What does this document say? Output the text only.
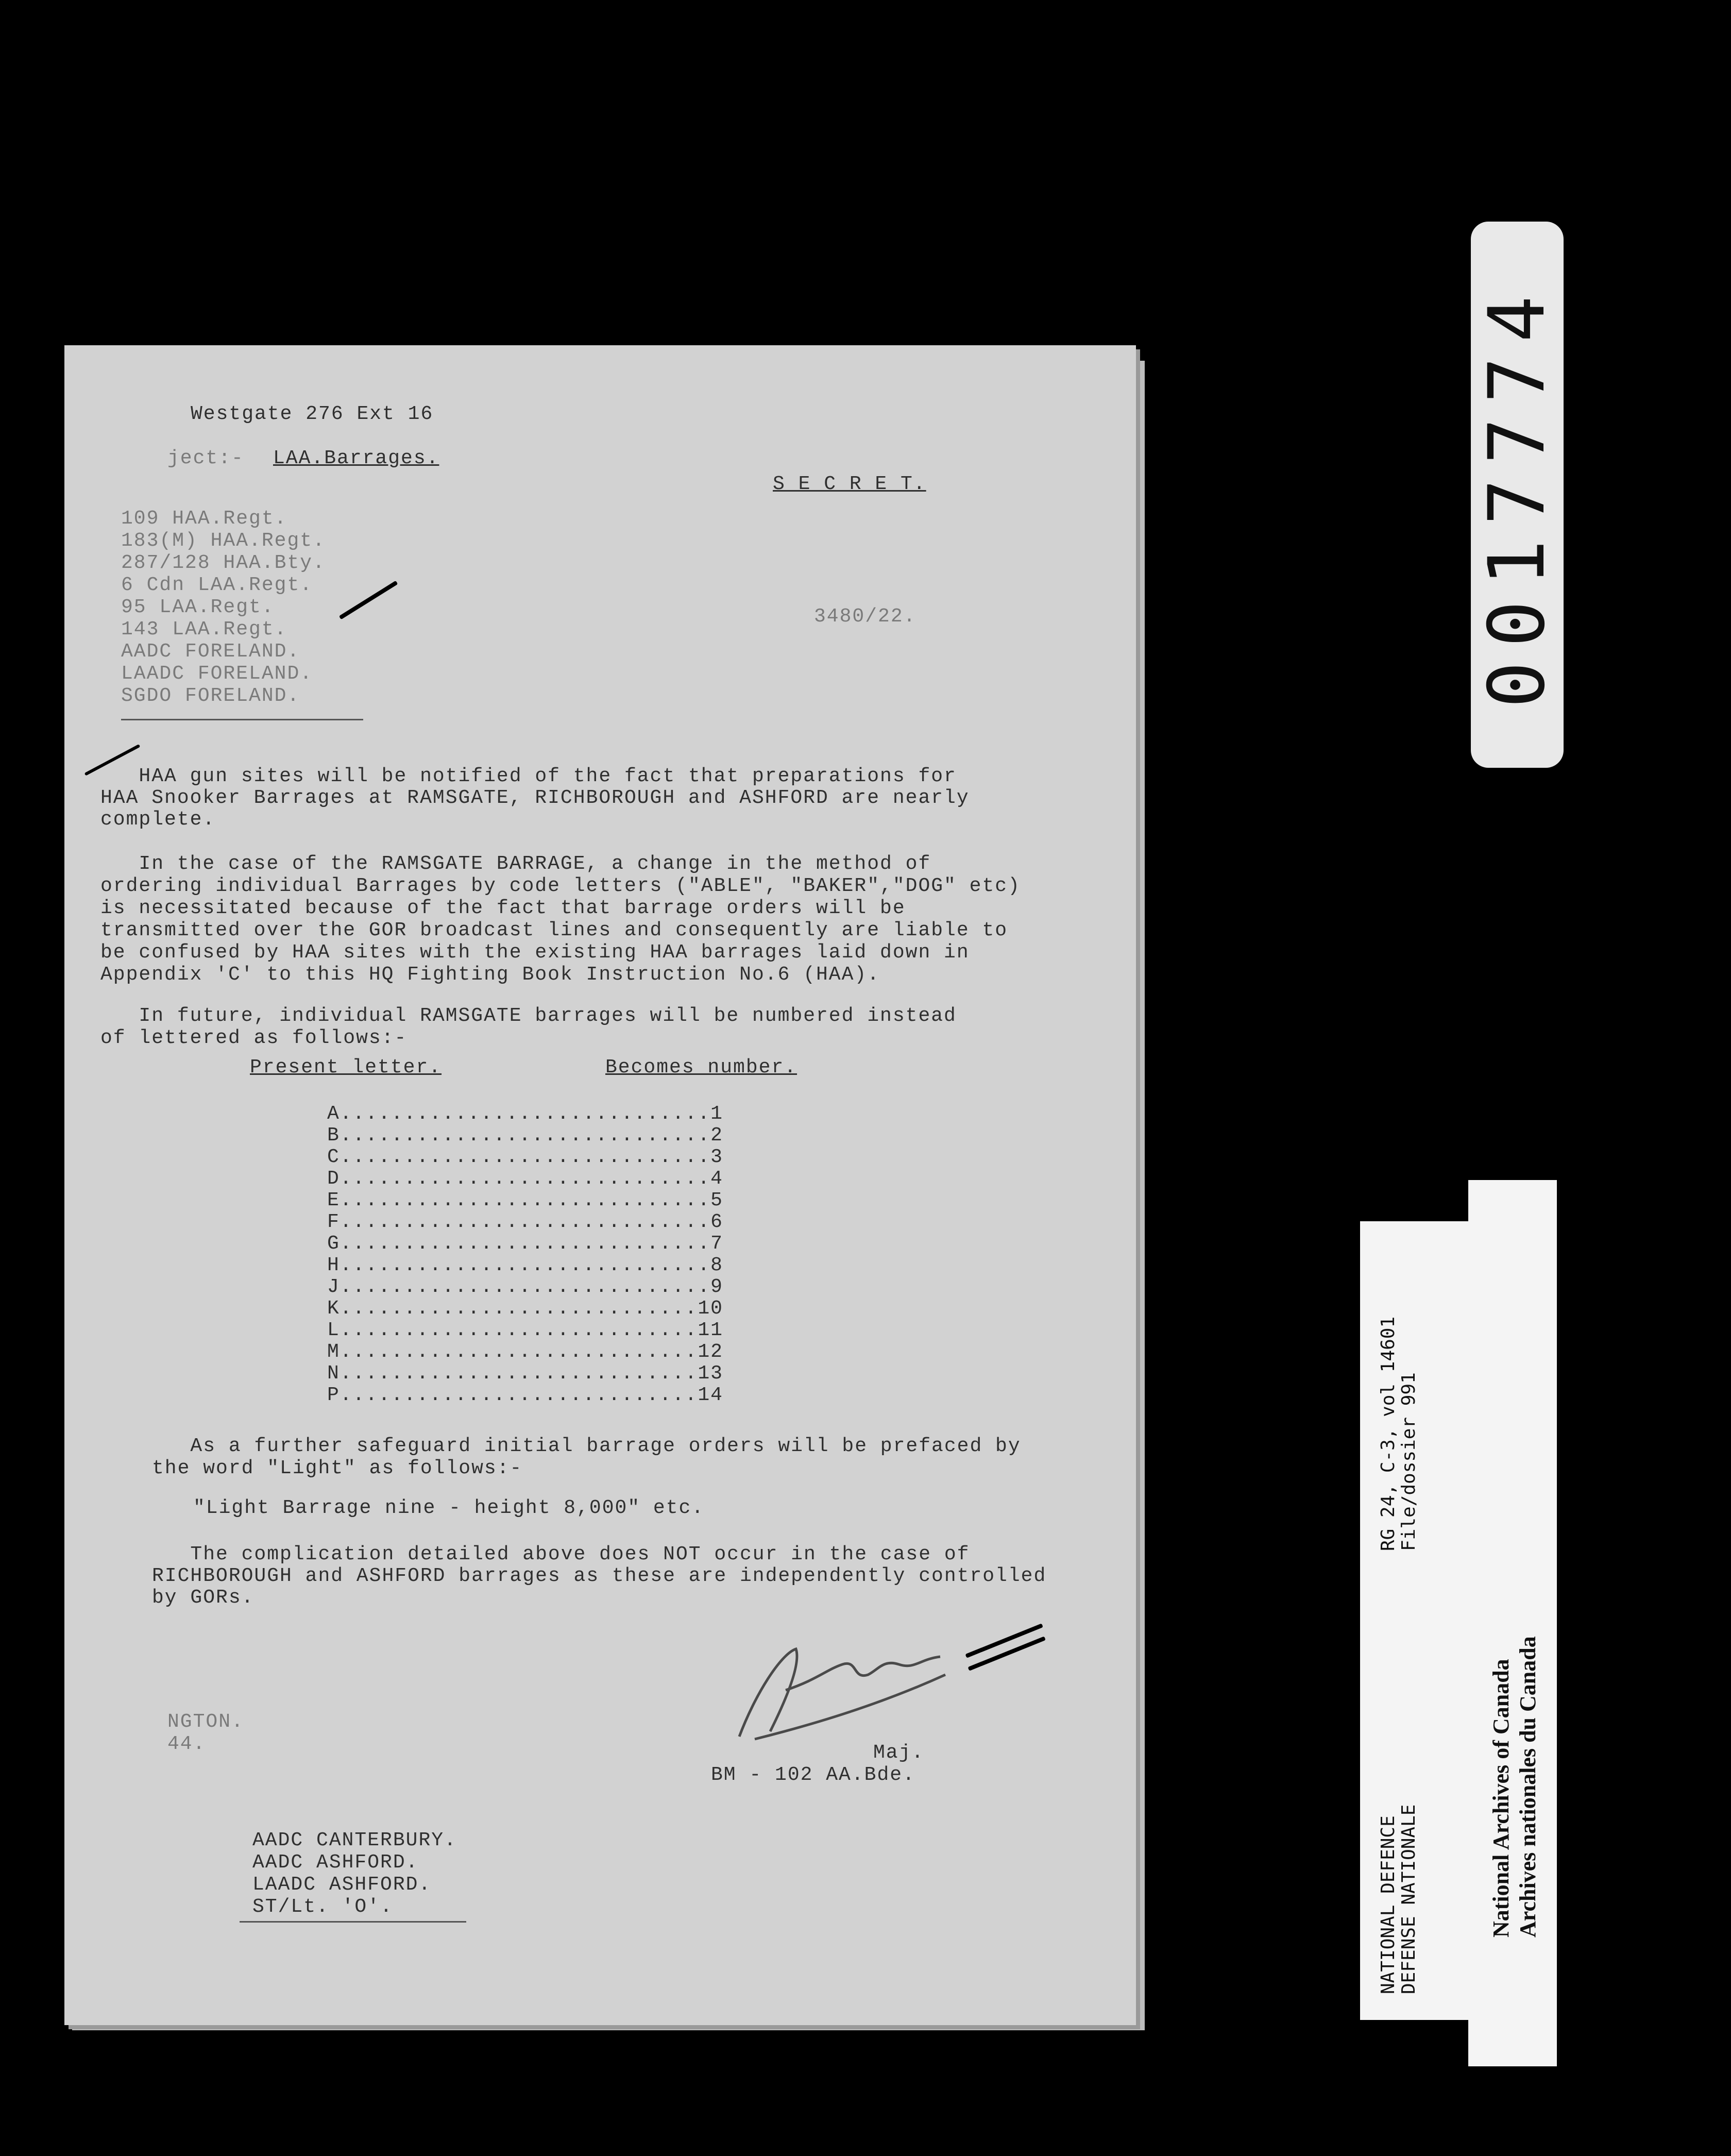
Westgate 276 Ext 16
ject:- LAA.Barrages.
S E C R E T.
109 HAA.Regt.
183(M) HAA.Regt.
287/128 HAA.Bty.
6 Cdn LAA.Regt.
95 LAA.Regt.
143 LAA.Regt.
AADC FORELAND.
LAADC FORELAND.
SGDO FORELAND.
3480/22.
HAA gun sites will be notified of the fact that preparations for
HAA Snooker Barrages at RAMSGATE, RICHBOROUGH and ASHFORD are nearly
complete.
In the case of the RAMSGATE BARRAGE, a change in the method of
ordering individual Barrages by code letters ("ABLE", "BAKER","DOG" etc)
is necessitated because of the fact that barrage orders will be
transmitted over the GOR broadcast lines and consequently are liable to
be confused by HAA sites with the existing HAA barrages laid down in
Appendix 'C' to this HQ Fighting Book Instruction No.6 (HAA).
In future, individual RAMSGATE barrages will be numbered instead
of lettered as follows:-
Present letter.	Becomes number.
A.............................1
B.............................2
C.............................3
D.............................4
E.............................5
F.............................6
G.............................7
H.............................8
J.............................9
K............................10
L............................11
M............................12
N............................13
P............................14
As a further safeguard initial barrage orders will be prefaced by
the word "Light" as follows:-
"Light Barrage nine - height 8,000" etc.
The complication detailed above does NOT occur in the case of
RICHBOROUGH and ASHFORD barrages as these are independently controlled
by GORs.
NGTON.
44.	Maj.
BM - 102 AA.Bde.
AADC CANTERBURY.
AADC ASHFORD.
LAADC ASHFORD.
ST/Lt. 'O'.
0017774
NATIONAL DEFENCE DEFENSE NATIONALE
RG 24, C-3, vol 14601 File/dossier 991
National Archives of Canada Archives nationales du Canada
